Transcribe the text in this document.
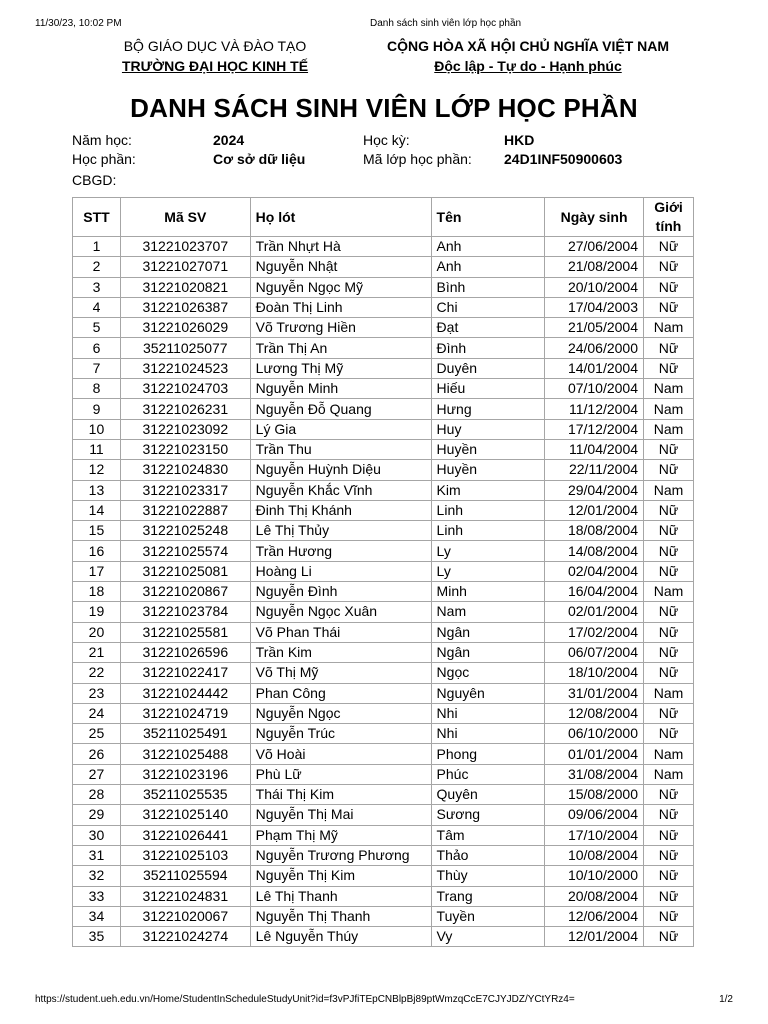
11/30/23, 10:02 PM	Danh sách sinh viên lớp học phần
BỘ GIÁO DỤC VÀ ĐÀO TẠO
TRƯỜNG ĐẠI HỌC KINH TẾ
CỘNG HÒA XÃ HỘI CHỦ NGHĨA VIỆT NAM
Độc lập - Tự do - Hạnh phúc
DANH SÁCH SINH VIÊN LỚP HỌC PHẦN
Năm học:	2024	Học kỳ:	HKD
Học phần:	Cơ sở dữ liệu	Mã lớp học phần: 24D1INF50900603
CBGD:
STT	Mã SV	Họ lót	Tên	Ngày sinh	Giới
tính
1	31221023707	Trần Nhựt Hà	Anh	27/06/2004	Nữ
2	31221027071	Nguyễn Nhật	Anh	21/08/2004	Nữ
3	31221020821	Nguyễn Ngọc Mỹ	Bình	20/10/2004	Nữ
4	31221026387	Đoàn Thị Linh	Chi	17/04/2003	Nữ
5	31221026029	Võ Trương Hiền	Đạt	21/05/2004	Nam
6	35211025077	Trần Thị An	Đình	24/06/2000	Nữ
7	31221024523	Lương Thị Mỹ	Duyên	14/01/2004	Nữ
8	31221024703	Nguyễn Minh	Hiếu	07/10/2004	Nam
9	31221026231	Nguyễn Đỗ Quang	Hưng	11/12/2004	Nam
10	31221023092	Lý Gia	Huy	17/12/2004	Nam
11	31221023150	Trần Thu	Huyền	11/04/2004	Nữ
12	31221024830	Nguyễn Huỳnh Diệu	Huyền	22/11/2004	Nữ
13	31221023317	Nguyễn Khắc Vĩnh	Kim	29/04/2004	Nam
14	31221022887	Đinh Thị Khánh	Linh	12/01/2004	Nữ
15	31221025248	Lê Thị Thủy	Linh	18/08/2004	Nữ
16	31221025574	Trần Hương	Ly	14/08/2004	Nữ
17	31221025081	Hoàng Li	Ly	02/04/2004	Nữ
18	31221020867	Nguyễn Đình	Minh	16/04/2004	Nam
19	31221023784	Nguyễn Ngọc Xuân	Nam	02/01/2004	Nữ
20	31221025581	Võ Phan Thái	Ngân	17/02/2004	Nữ
21	31221026596	Trần Kim	Ngân	06/07/2004	Nữ
22	31221022417	Võ Thị Mỹ	Ngọc	18/10/2004	Nữ
23	31221024442	Phan Công	Nguyên	31/01/2004	Nam
24	31221024719	Nguyễn Ngọc	Nhi	12/08/2004	Nữ
25	35211025491	Nguyễn Trúc	Nhi	06/10/2000	Nữ
26	31221025488	Võ Hoài	Phong	01/01/2004	Nam
27	31221023196	Phù Lữ	Phúc	31/08/2004	Nam
28	35211025535	Thái Thị Kim	Quyên	15/08/2000	Nữ
29	31221025140	Nguyễn Thị Mai	Sương	09/06/2004	Nữ
30	31221026441	Phạm Thị Mỹ	Tâm	17/10/2004	Nữ
31	31221025103	Nguyễn Trương Phương	Thảo	10/08/2004	Nữ
32	35211025594	Nguyễn Thị Kim	Thùy	10/10/2000	Nữ
33	31221024831	Lê Thị Thanh	Trang	20/08/2004	Nữ
34	31221020067	Nguyễn Thị Thanh	Tuyền	12/06/2004	Nữ
35	31221024274	Lê Nguyễn Thúy	Vy	12/01/2004	Nữ
https://student.ueh.edu.vn/Home/StudentInScheduleStudyUnit?id=f3vPJfiTEpCNBlpBj89ptWmzqCcE7CJYJDZ/YCtYRz4=	1/2
